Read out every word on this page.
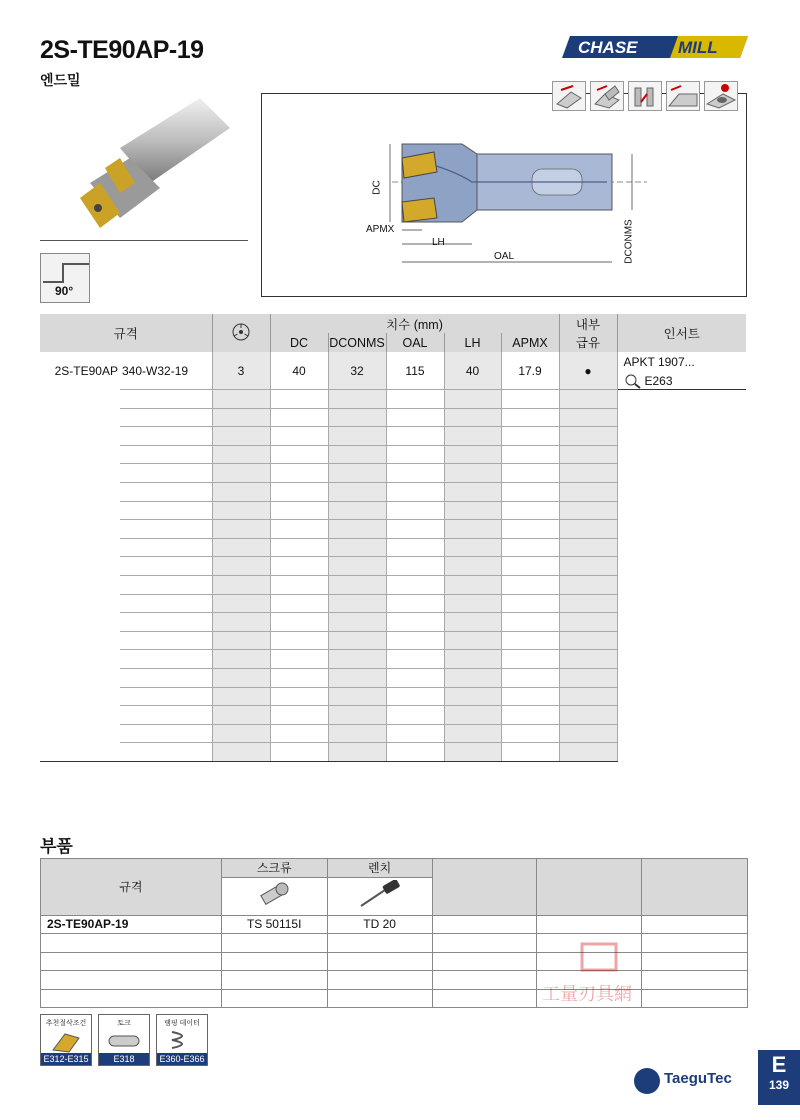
2S-TE90AP-19
엔드밀
CHASE MILL
90°
DC
APMX
LH
OAL	DCONMS
규격			치수 (mm)					내부
급유	인서트
			DC	DCONMS	OAL	LH	APMX		
2S-TE90AP	340-W32-19	3	40	32	115	40	17.9	●	APKT 1907...
E263

부품
규격	스크류	렌치			

2S-TE90AP-19	TS 50115I	TD 20			

工量刃具網
추천절삭조건
E312-E315
토크
E318
램핑 데이터
E360-E366
TaeguTec
E
139
